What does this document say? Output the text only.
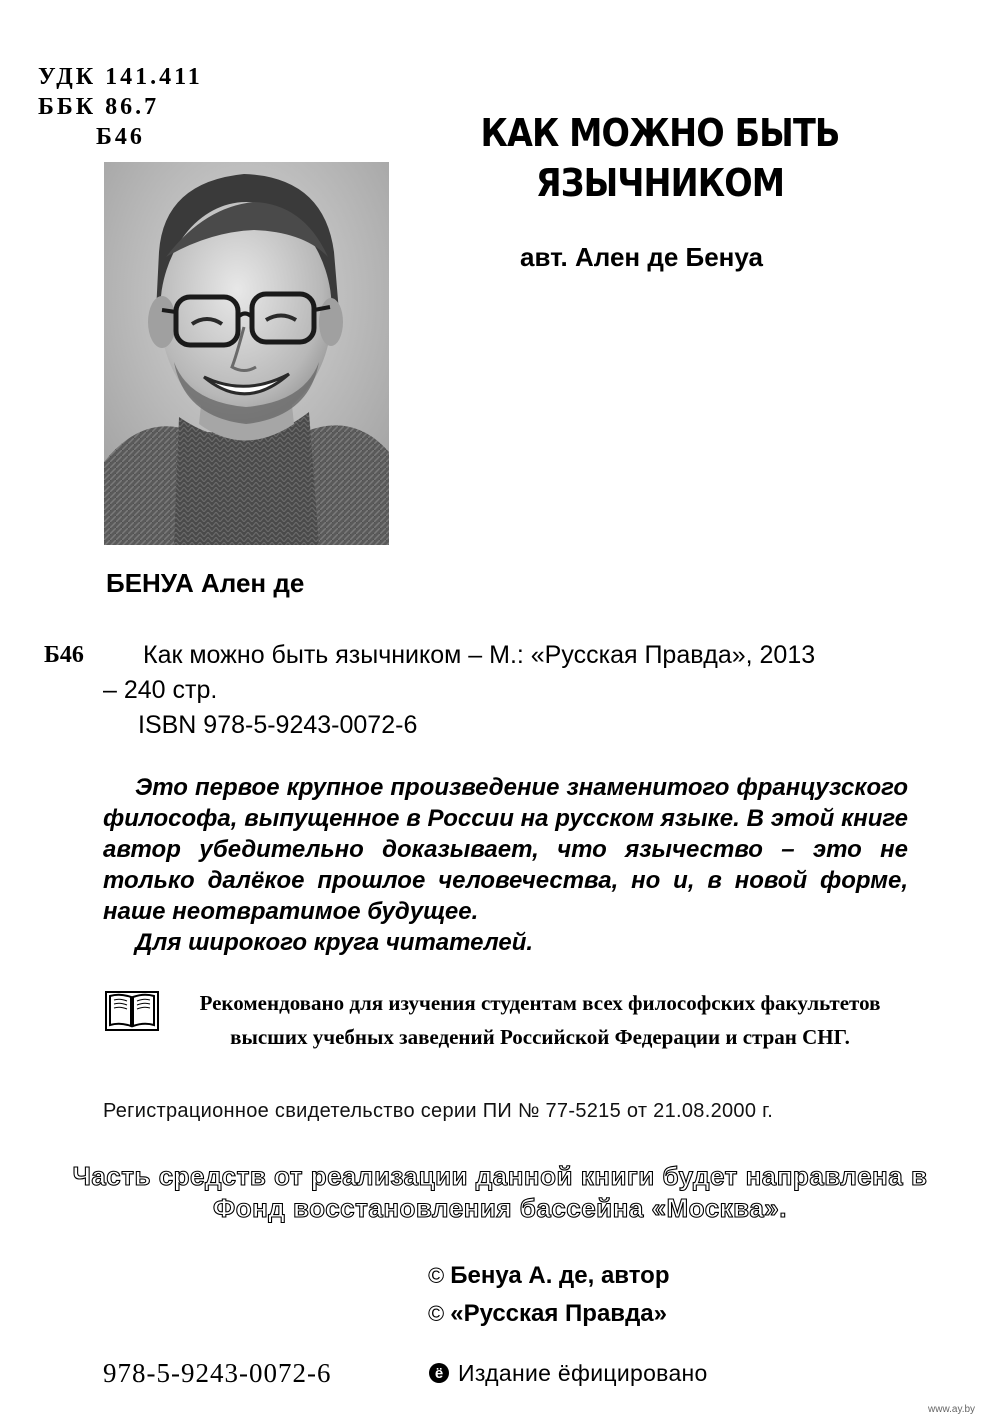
УДК 141.411
ББК 86.7
Б46	КАК МОЖНО БЫТЬ
ЯЗЫЧНИКОМ
авт. Ален де Бенуа
БЕНУА Ален де
Б46	Как можно быть язычником – М.: «Русская Правда», 2013
– 240 стр.
ISBN 978-5-9243-0072-6
Это первое крупное произведение знаменитого французского философа, выпущенное в России на русском языке. В этой книге автор убедительно доказывает, что язычество – это не только далёкое прошлое человечества, но и, в новой форме, наше неотвратимое будущее.
Для широкого круга читателей.
Рекомендовано для изучения студентам всех философских факультетов высших учебных заведений Российской Федерации и стран СНГ.
Регистрационное свидетельство серии ПИ № 77-5215 от 21.08.2000 г.
Часть средств от реализации данной книги будет направлена в Фонд восстановления бассейна «Москва».
© Бенуа А. де, автор
© «Русская Правда»
978-5-9243-0072-6	ё Издание ёфицировано
www.ay.by
